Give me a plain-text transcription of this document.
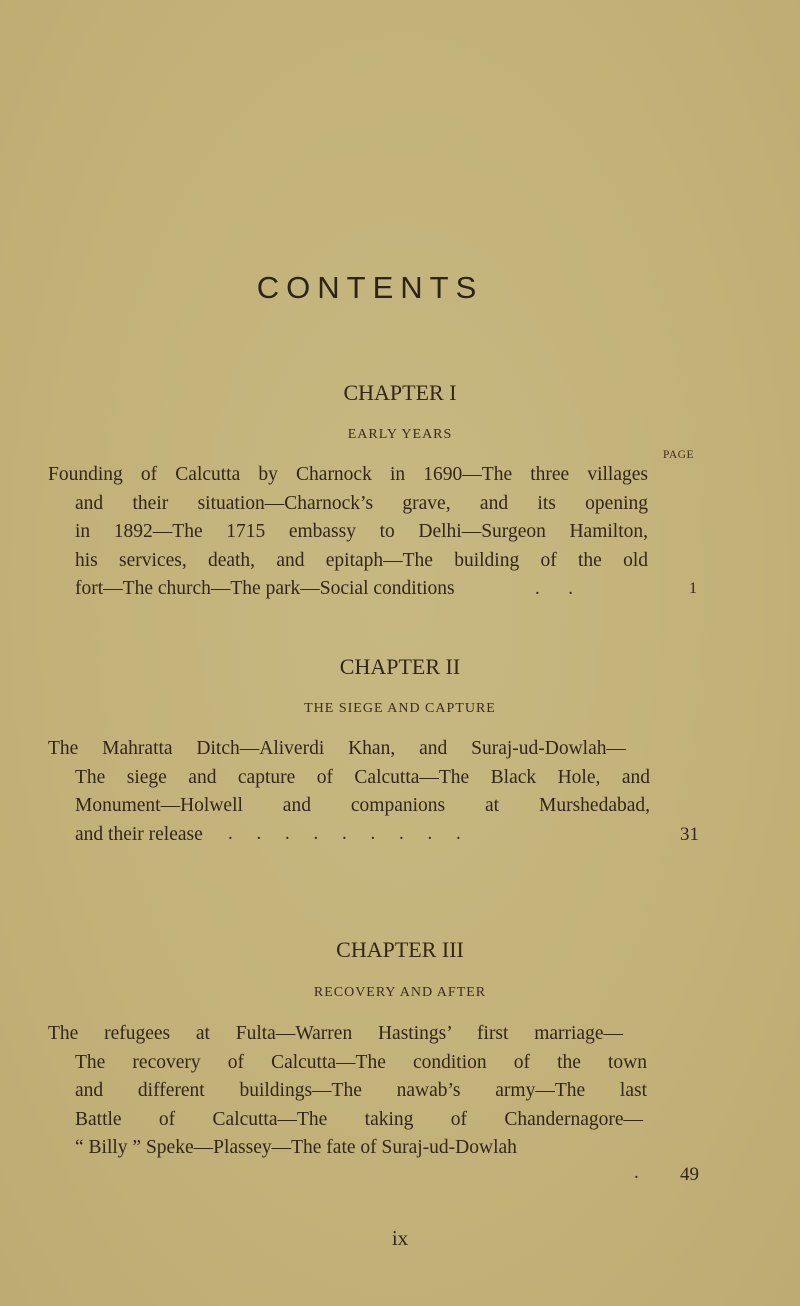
CONTENTS
CHAPTER I
EARLY YEARS
PAGE
Founding of Calcutta by Charnock in 1690—The three villages
and their situation—Charnock’s grave, and its opening
in 1892—The 1715 embassy to Delhi—Surgeon Hamilton,
his services, death, and epitaph—The building of the old
fort—The church—The park—Social conditions	.      .	1
CHAPTER II
THE SIEGE AND CAPTURE
The Mahratta Ditch—Aliverdi Khan, and Suraj-ud-Dowlah—
The siege and capture of Calcutta—The Black Hole, and
Monument—Holwell and companions at Murshedabad,
and their release	.     .     .     .     .     .     .     .     .	31
CHAPTER III
RECOVERY AND AFTER
The refugees at Fulta—Warren Hastings’ first marriage—
The recovery of Calcutta—The condition of the town
and different buildings—The nawab’s army—The last
Battle of Calcutta—The taking of Chandernagore—
“ Billy ” Speke—Plassey—The fate of Suraj-ud-Dowlah
. 49
ix
